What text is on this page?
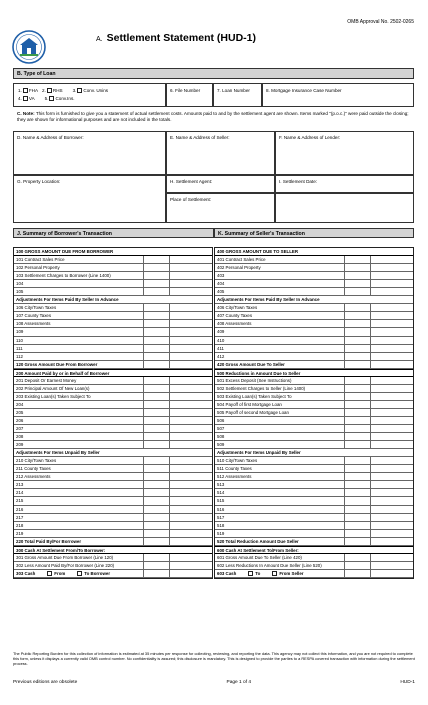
OMB Approval No. 2502-0265
A. Settlement Statement (HUD-1)
B. Type of Loan
1. FHA 2. RHS 3. Conv. Unins
4. VA 5. Conv.Ins.
6. File Number	7. Loan Number	8. Mortgage Insurance Case Number
C. Note: This form is furnished to give you a statement of actual settlement costs. Amounts paid to and by the settlement agent are shown. Items marked "(p.o.c.)" were paid outside the closing; they are shown for informational purposes and are not included in the totals.
D. Name & Address of Borrower:	E. Name & Address of Seller:	F. Name & Address of Lender:
G. Property Location:	H. Settlement Agent:
Place of Settlement:
I. Settlement Date:
J. Summary of Borrower's Transaction	K. Summary of Seller's Transaction
100 GROSS AMOUNT DUE FROM BORROWER
101 Contract Sales Price
102 Personal Property
103 Settlement Charges to Borrower (Line 1400)
104
105
Adjustments For Items Paid By Seller In Advance
106 City/Town Taxes
107 County Taxes
108 Assessments
109
110
111
112
120 Gross Amount Due From Borrower
200 Amount Paid by or in Behalf of Borrower
201 Deposit Or Earnest Money
202 Principal Amount Of New Loan(s)
203 Existing Loan(s) Taken Subject To
204
205
206
207
208
209
Adjustments For Items Unpaid By Seller
210 City/Town Taxes
211 County Taxes
212 Assessments
213
214
215
216
217
218
219
220 Total Paid By/For Borrower
300 Cash At Settlement From/To Borrower:
301 Gross Amount Due From Borrower (Line 120)
302 Less Amount Paid By/For Borrower (Line 220)
303 Cash	From	To Borrower
400 GROSS AMOUNT DUE TO SELLER
401 Contract Sales Price
402 Personal Property
403
404
405
Adjustments For Items Paid By Seller In Advance
406 City/Town Taxes
407 County Taxes
408 Assessments
409
410
411
412
420 Gross Amount Due To Seller
500 Reductions in Amount Due to Seller
501 Excess Deposit (See Instructions)
502 Settlement Charges to Seller (Line 1400)
503 Existing Loan(s) Taken Subject To
504 Payoff of first Mortgage Loan
505 Payoff of second Mortgage Loan
506
507
508
509
Adjustments For Items Unpaid By Seller
510 City/Town Taxes
511 County Taxes
512 Assessments
513
514
515
516
517
518
519
520 Total Reduction Amount Due Seller
600 Cash At Settlement To/From Seller:
601 Gross Amount Due To Seller (Line 420)
602 Less Reductions In Amount Due Seller (Line 520)
603 Cash	To	From Seller
The Public Reporting Burden for this collection of information is estimated at 35 minutes per response for collecting, reviewing, and reporting the data. This agency may not collect this information, and you are not required to complete this form, unless it displays a currently valid OMB control number. No confidentiality is assured; this disclosure is mandatory. This is designed to provide the parties to a RESPA covered transaction with information during the settlement process.
Previous editions are obsolete	Page 1 of 4	HUD-1
